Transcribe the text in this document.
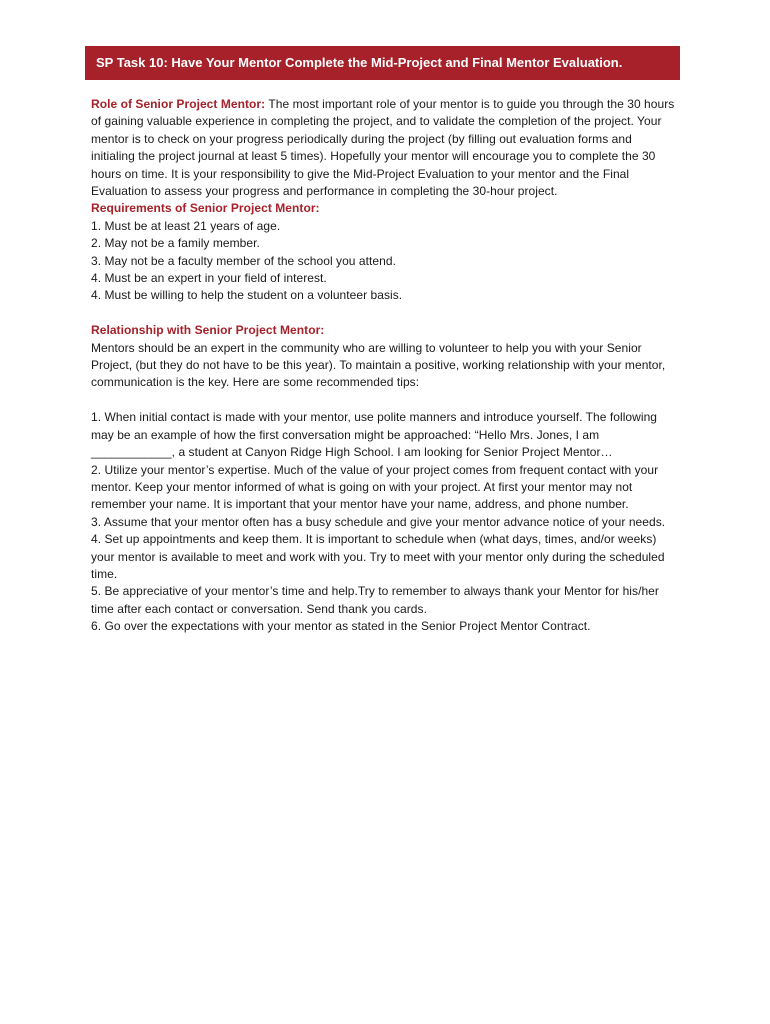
SP Task 10: Have Your Mentor Complete the Mid-Project and Final Mentor Evaluation.

Role of Senior Project Mentor: The most important role of your mentor is to guide you through the 30 hours of gaining valuable experience in completing the project, and to validate the completion of the project. Your mentor is to check on your progress periodically during the project (by filling out evaluation forms and initialing the project journal at least 5 times). Hopefully your mentor will encourage you to complete the 30 hours on time. It is your responsibility to give the Mid-Project Evaluation to your mentor and the Final Evaluation to assess your progress and performance in completing the 30-hour project.

Requirements of Senior Project Mentor:

1. Must be at least 21 years of age.
2. May not be a family member.
3. May not be a faculty member of the school you attend.
4. Must be an expert in your field of interest.
4. Must be willing to help the student on a volunteer basis.

Relationship with Senior Project Mentor:

Mentors should be an expert in the community who are willing to volunteer to help you with your Senior Project, (but they do not have to be this year). To maintain a positive, working relationship with your mentor, communication is the key. Here are some recommended tips:

1. When initial contact is made with your mentor, use polite manners and introduce yourself. The following may be an example of how the first conversation might be approached: “Hello Mrs. Jones, I am ____________, a student at Canyon Ridge High School. I am looking for Senior Project Mentor…

2. Utilize your mentor’s expertise. Much of the value of your project comes from frequent contact with your mentor. Keep your mentor informed of what is going on with your project. At first your mentor may not remember your name. It is important that your mentor have your name, address, and phone number.

3. Assume that your mentor often has a busy schedule and give your mentor advance notice of your needs.

4. Set up appointments and keep them. It is important to schedule when (what days, times, and/or weeks) your mentor is available to meet and work with you. Try to meet with your mentor only during the scheduled time.

5. Be appreciative of your mentor’s time and help.Try to remember to always thank your Mentor for his/her time after each contact or conversation. Send thank you cards.

6. Go over the expectations with your mentor as stated in the Senior Project Mentor Contract.
